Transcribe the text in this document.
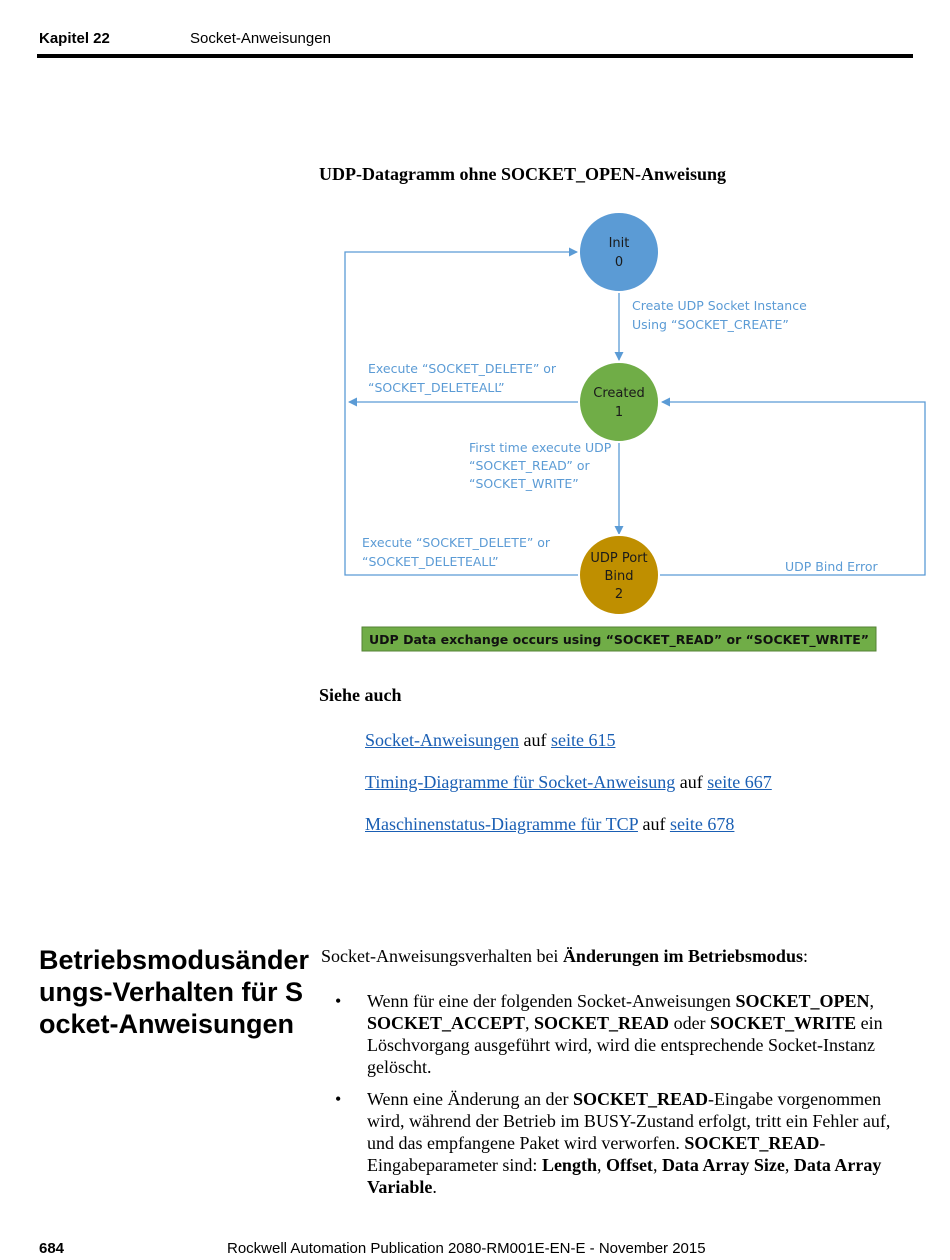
Kapitel 22	Socket-Anweisungen
UDP-Datagramm ohne SOCKET_OPEN-Anweisung
Init
0
Created
1
UDP Port
Bind
2
Create UDP Socket Instance
Using “SOCKET_CREATE”
Execute “SOCKET_DELETE” or
“SOCKET_DELETEALL”
First time execute UDP
“SOCKET_READ” or
“SOCKET_WRITE”
Execute “SOCKET_DELETE” or
“SOCKET_DELETEALL”	UDP Bind Error
UDP Data exchange occurs using “SOCKET_READ” or “SOCKET_WRITE”
Siehe auch
Socket-Anweisungen auf seite 615
Timing-Diagramme für Socket-Anweisung auf seite 667
Maschinenstatus-Diagramme für TCP auf seite 678
Betriebsmodusänderungs-Verhalten für Socket-Anweisungen
Socket-Anweisungsverhalten bei Änderungen im Betriebsmodus:
• Wenn für eine der folgenden Socket-Anweisungen SOCKET_OPEN, SOCKET_ACCEPT, SOCKET_READ oder SOCKET_WRITE ein Löschvorgang ausgeführt wird, wird die entsprechende Socket-Instanz gelöscht.
• Wenn eine Änderung an der SOCKET_READ-Eingabe vorgenommen wird, während der Betrieb im BUSY-Zustand erfolgt, tritt ein Fehler auf, und das empfangene Paket wird verworfen. SOCKET_READ-Eingabeparameter sind: Length, Offset, Data Array Size, Data Array Variable.
684	Rockwell Automation Publication 2080-RM001E-EN-E - November 2015
